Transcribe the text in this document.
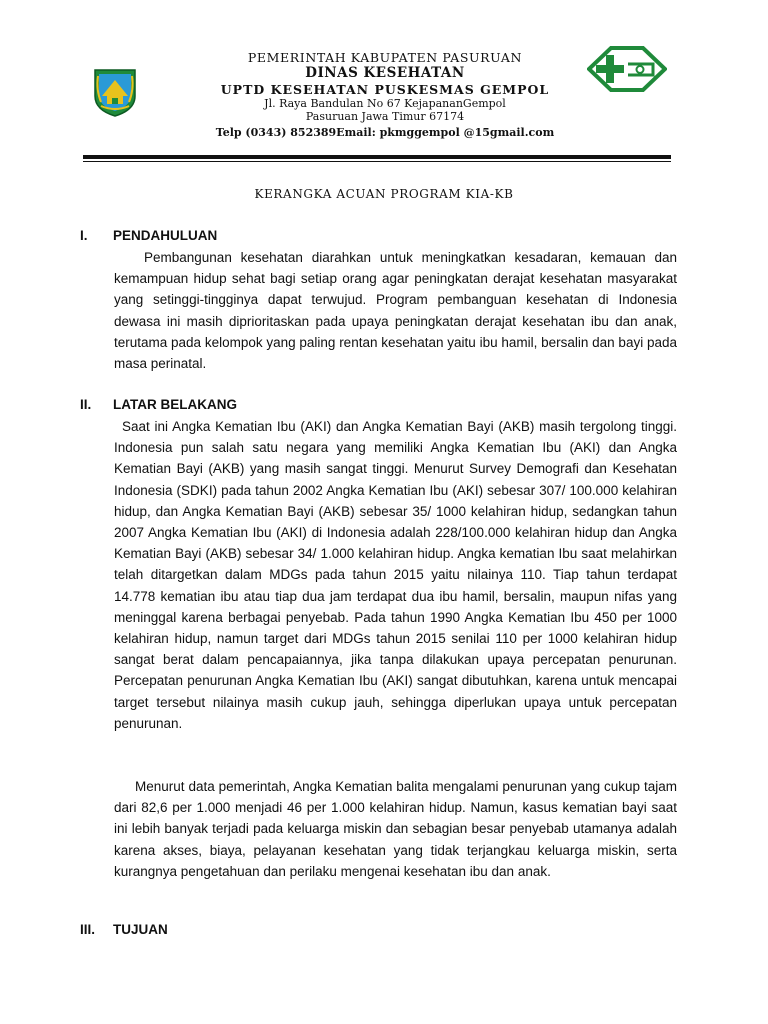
PEMERINTAH KABUPATEN PASURUAN
DINAS KESEHATAN
UPTD KESEHATAN PUSKESMAS GEMPOL
Jl. Raya Bandulan No 67 KejapananGempol
Pasuruan Jawa Timur 67174
Telp (0343) 852389Email: pkmggempol @15gmail.com
KERANGKA ACUAN PROGRAM KIA-KB
I. PENDAHULUAN

Pembangunan kesehatan diarahkan untuk meningkatkan kesadaran, kemauan dan kemampuan hidup sehat bagi setiap orang agar peningkatan derajat kesehatan masyarakat yang setinggi-tingginya dapat terwujud. Program pembanguan kesehatan di Indonesia dewasa ini masih diprioritaskan pada upaya peningkatan derajat kesehatan ibu dan anak, terutama pada kelompok yang paling rentan kesehatan yaitu ibu hamil, bersalin dan bayi pada masa perinatal.

II. LATAR BELAKANG

Saat ini Angka Kematian Ibu (AKI) dan Angka Kematian Bayi (AKB) masih tergolong tinggi. Indonesia pun salah satu negara yang memiliki Angka Kematian Ibu (AKI) dan Angka Kematian Bayi (AKB) yang masih sangat tinggi. Menurut Survey Demografi dan Kesehatan Indonesia (SDKI) pada tahun 2002 Angka Kematian Ibu (AKI) sebesar 307/ 100.000 kelahiran hidup, dan Angka Kematian Bayi (AKB) sebesar 35/ 1000 kelahiran hidup, sedangkan tahun 2007 Angka Kematian Ibu (AKI) di Indonesia adalah 228/100.000 kelahiran hidup dan Angka Kematian Bayi (AKB) sebesar 34/ 1.000 kelahiran hidup. Angka kematian Ibu saat melahirkan telah ditargetkan dalam MDGs pada tahun 2015 yaitu nilainya 110. Tiap tahun terdapat 14.778 kematian ibu atau tiap dua jam terdapat dua ibu hamil, bersalin, maupun nifas yang meninggal karena berbagai penyebab. Pada tahun 1990 Angka Kematian Ibu 450 per 1000 kelahiran hidup, namun target dari MDGs tahun 2015 senilai 110 per 1000 kelahiran hidup sangat berat dalam pencapaiannya, jika tanpa dilakukan upaya percepatan penurunan. Percepatan penurunan Angka Kematian Ibu (AKI) sangat dibutuhkan, karena untuk mencapai target tersebut nilainya masih cukup jauh, sehingga diperlukan upaya untuk percepatan penurunan.

Menurut data pemerintah, Angka Kematian balita mengalami penurunan yang cukup tajam dari 82,6 per 1.000 menjadi 46 per 1.000 kelahiran hidup. Namun, kasus kematian bayi saat ini lebih banyak terjadi pada keluarga miskin dan sebagian besar penyebab utamanya adalah karena akses, biaya, pelayanan kesehatan yang tidak terjangkau keluarga miskin, serta kurangnya pengetahuan dan perilaku mengenai kesehatan ibu dan anak.

III. TUJUAN
